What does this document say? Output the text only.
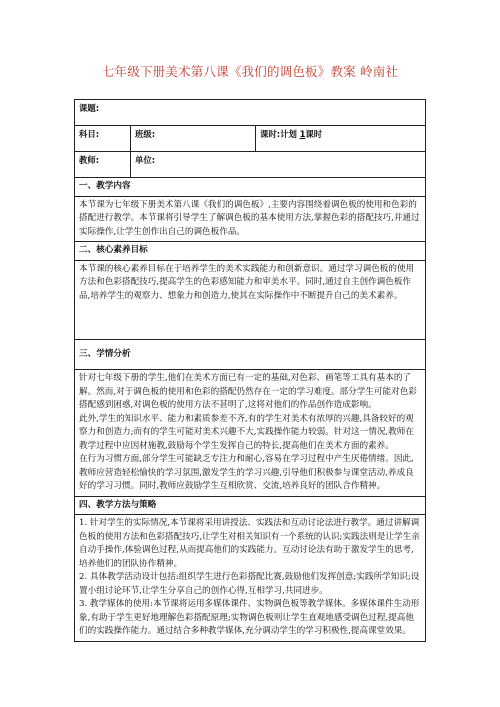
七年级下册美术第八课《我们的调色板》教案 岭南社
课题:		
科目:	班级:	课时:计划 1课时
教师:	单位:	
一、教学内容		

本节课为七年级下册美术第八课《我们的调色板》,主要内容围绕着调色板的使用和色彩的搭配进行教学。本节课将引导学生了解调色板的基本使用方法,掌握色彩的搭配技巧,并通过实际操作,让学生创作出自己的调色板作品。		

二、核心素养目标		

本节课的核心素养目标在于培养学生的美术实践能力和创新意识。通过学习调色板的使用方法和色彩搭配技巧,提高学生的色彩感知能力和审美水平。同时,通过自主创作调色板作品,培养学生的观察力、想象力和创造力,使其在实际操作中不断提升自己的美术素养。		

三、学情分析		

针对七年级下册的学生,他们在美术方面已有一定的基础,对色彩、画笔等工具有基本的了解。然而,对于调色板的使用和色彩的搭配仍然存在一定的学习难度。部分学生可能对色彩搭配感到困惑,对调色板的使用方法不甚明了,这将对他们的作品创作造成影响。

此外,学生的知识水平、能力和素质参差不齐,有的学生对美术有浓厚的兴趣,具备较好的观察力和创造力;而有的学生可能对美术兴趣不大,实践操作能力较弱。针对这一情况,教师在教学过程中应因材施教,鼓励每个学生发挥自己的特长,提高他们在美术方面的素养。

在行为习惯方面,部分学生可能缺乏专注力和耐心,容易在学习过程中产生厌倦情绪。因此,教师应营造轻松愉快的学习氛围,激发学生的学习兴趣,引导他们积极参与课堂活动,养成良好的学习习惯。同时,教师应鼓励学生互相欣赏、交流,培养良好的团队合作精神。		

四、教学方法与策略		

1. 针对学生的实际情况,本节课将采用讲授法、实践法和互动讨论法进行教学。通过讲解调色板的使用方法和色彩搭配技巧,让学生对相关知识有一个系统的认识;实践法则是让学生亲自动手操作,体验调色过程,从而提高他们的实践能力。互动讨论法有助于激发学生的思考,培养他们的团队协作精神。

2. 具体教学活动设计包括:组织学生进行色彩搭配比赛,鼓励他们发挥创意;实践所学知识;设置小组讨论环节,让学生分享自己的创作心得,互相学习,共同进步。

3. 教学媒体的使用:本节课将运用多媒体课件、实物调色板等教学媒体。多媒体课件生动形象,有助于学生更好地理解色彩搭配原理;实物调色板则让学生直观地感受调色过程,提高他们的实践操作能力。通过结合多种教学媒体,充分调动学生的学习积极性,提高课堂效果。		
